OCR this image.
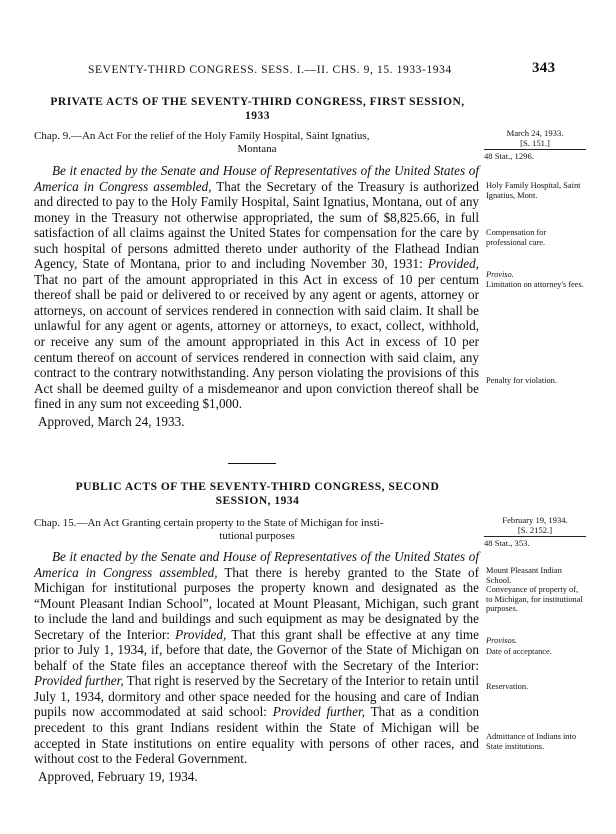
SEVENTY-THIRD CONGRESS. SESS. I.—II. CHS. 9, 15. 1933-1934	343
PRIVATE ACTS OF THE SEVENTY-THIRD CONGRESS, FIRST SESSION,
1933
Chap. 9.—An Act For the relief of the Holy Family Hospital, Saint Ignatius,
Montana
March 24, 1933.
[S. 151.]
48 Stat., 1296.

Be it enacted by the Senate and House of Representatives of the United States of America in Congress assembled, That the Secretary of the Treasury is authorized and directed to pay to the Holy Family Hospital, Saint Ignatius, Montana, out of any money in the Treasury not otherwise appropriated, the sum of $8,825.66, in full satisfaction of all claims against the United States for compensation for the care by such hospital of persons admitted thereto under authority of the Flathead Indian Agency, State of Montana, prior to and including November 30, 1931: Provided, That no part of the amount appropriated in this Act in excess of 10 per centum thereof shall be paid or delivered to or received by any agent or agents, attorney or attorneys, on account of services rendered in connection with said claim. It shall be unlawful for any agent or agents, attorney or attorneys, to exact, collect, withhold, or receive any sum of the amount appropriated in this Act in excess of 10 per centum thereof on account of services rendered in connection with said claim, any contract to the contrary notwithstanding. Any person violating the provisions of this Act shall be deemed guilty of a misdemeanor and upon conviction thereof shall be fined in any sum not exceeding $1,000.

Approved, March 24, 1933.

Holy Family Hospital, Saint Ignatius, Mont.
Compensation for professional care.
Proviso.
Limitation on attorney's fees.
Penalty for violation.
PUBLIC ACTS OF THE SEVENTY-THIRD CONGRESS, SECOND
SESSION, 1934
Chap. 15.—An Act Granting certain property to the State of Michigan for insti-
tutional purposes
February 19, 1934.
[S. 2152.]
48 Stat., 353.

Be it enacted by the Senate and House of Representatives of the United States of America in Congress assembled, That there is hereby granted to the State of Michigan for institutional purposes the property known and designated as the “Mount Pleasant Indian School”, located at Mount Pleasant, Michigan, such grant to include the land and buildings and such equipment as may be designated by the Secretary of the Interior: Provided, That this grant shall be effective at any time prior to July 1, 1934, if, before that date, the Governor of the State of Michigan on behalf of the State files an acceptance thereof with the Secretary of the Interior: Provided further, That right is reserved by the Secretary of the Interior to retain until July 1, 1934, dormitory and other space needed for the housing and care of Indian pupils now accommodated at said school: Provided further, That as a condition precedent to this grant Indians resident within the State of Michigan will be accepted in State institutions on entire equality with persons of other races, and without cost to the Federal Government.

Approved, February 19, 1934.

Mount Pleasant Indian School.
Conveyance of property of, to Michigan, for institutional purposes.
Provisos.
Date of acceptance.
Reservation.
Admittance of Indians into State institutions.
